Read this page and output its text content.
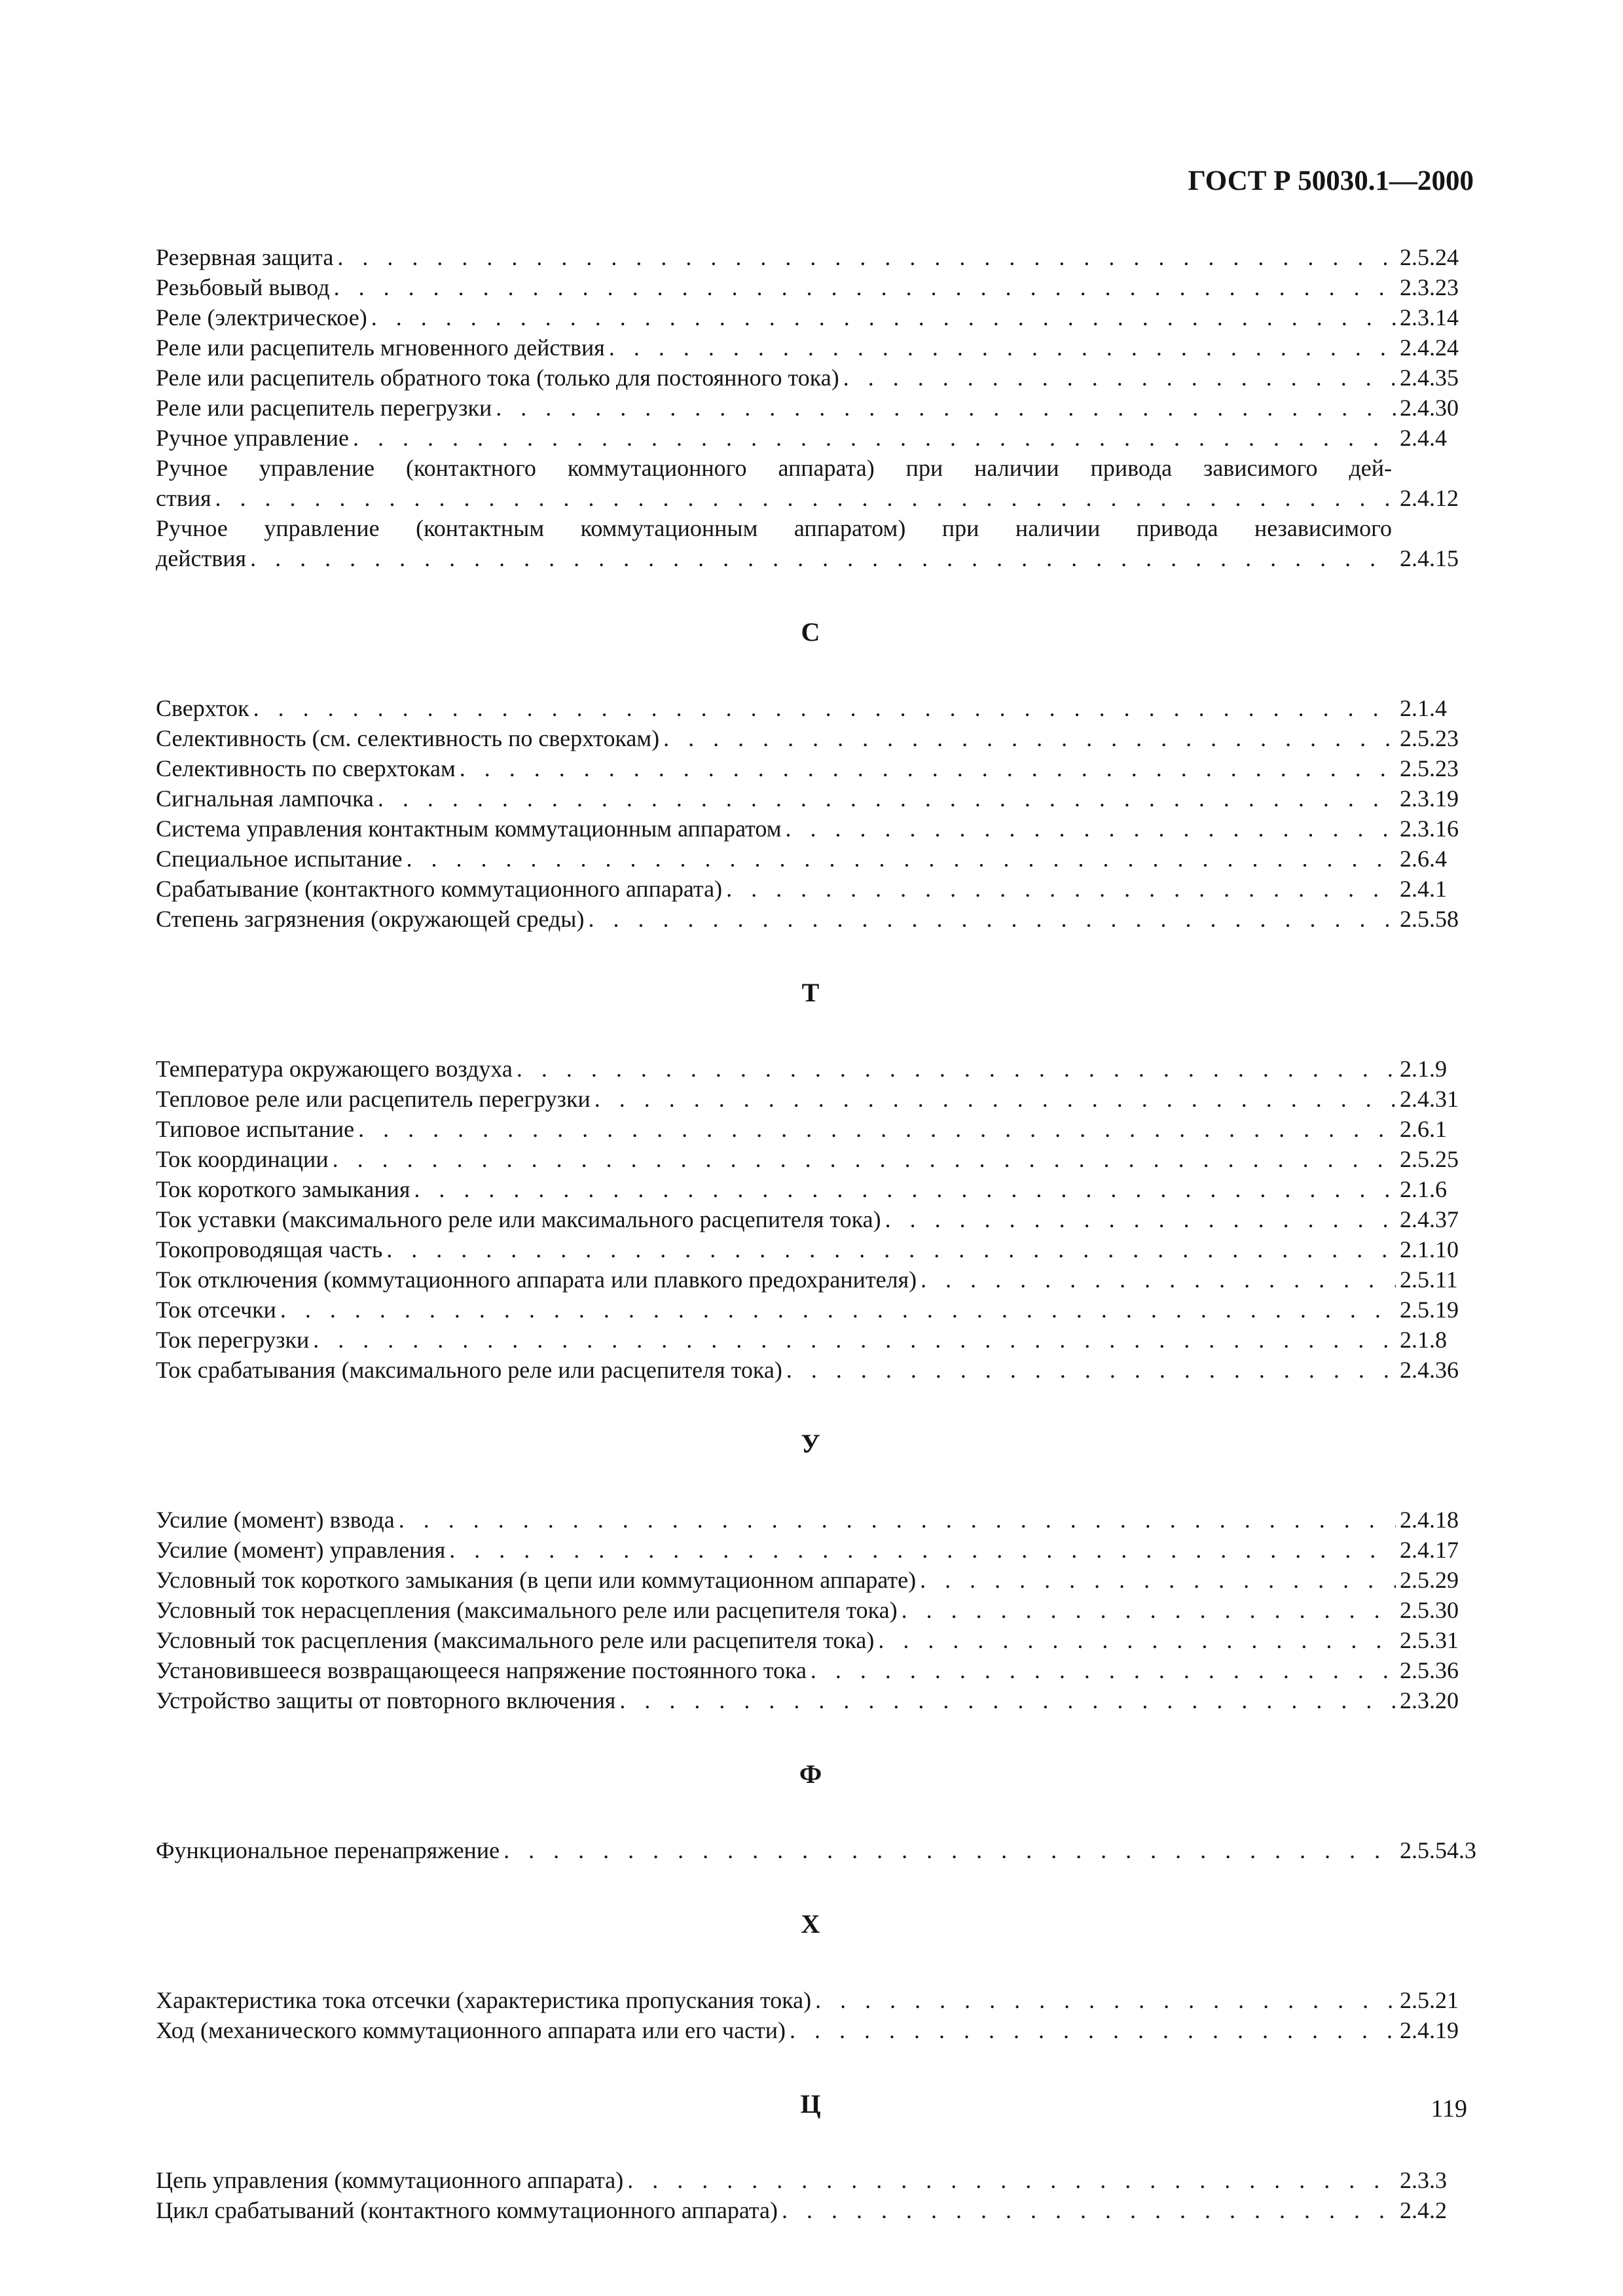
ГОСТ Р 50030.1—2000
Резервная защита . . .	2.5.24
Резьбовый вывод . . .	2.3.23
Реле (электрическое) . . .	2.3.14
Реле или расцепитель мгновенного действия . . .	2.4.24
Реле или расцепитель обратного тока (только для постоянного тока) . . .	2.4.35
Реле или расцепитель перегрузки . . .	2.4.30
Ручное управление . . .	2.4.4
Ручное управление (контактного коммутационного аппарата) при наличии привода зависимого дей-
ствия . . .	2.4.12
Ручное управление (контактным коммутационным аппаратом) при наличии привода независимого
действия . . .	2.4.15
С
Сверхток . . .	2.1.4
Селективность (см. селективность по сверхтокам) . . .	2.5.23
Селективность по сверхтокам . . .	2.5.23
Сигнальная лампочка . . .	2.3.19
Система управления контактным коммутационным аппаратом . . .	2.3.16
Специальное испытание . . .	2.6.4
Срабатывание (контактного коммутационного аппарата) . . .	2.4.1
Степень загрязнения (окружающей среды) . . .	2.5.58
Т
Температура окружающего воздуха . . .	2.1.9
Тепловое реле или расцепитель перегрузки . . .	2.4.31
Типовое испытание . . .	2.6.1
Ток координации . . .	2.5.25
Ток короткого замыкания . . .	2.1.6
Ток уставки (максимального реле или максимального расцепителя тока) . . .	2.4.37
Токопроводящая часть . . .	2.1.10
Ток отключения (коммутационного аппарата или плавкого предохранителя) . . .	2.5.11
Ток отсечки . . .	2.5.19
Ток перегрузки . . .	2.1.8
Ток срабатывания (максимального реле или расцепителя тока) . . .	2.4.36
У
Усилие (момент) взвода . . .	2.4.18
Усилие (момент) управления . . .	2.4.17
Условный ток короткого замыкания (в цепи или коммутационном аппарате) . . .	2.5.29
Условный ток нерасцепления (максимального реле или расцепителя тока) . . .	2.5.30
Условный ток расцепления (максимального реле или расцепителя тока) . . .	2.5.31
Установившееся возвращающееся напряжение постоянного тока . . .	2.5.36
Устройство защиты от повторного включения . . .	2.3.20
Ф
Функциональное перенапряжение . . .	2.5.54.3
Х
Характеристика тока отсечки (характеристика пропускания тока) . . .	2.5.21
Ход (механического коммутационного аппарата или его части) . . .	2.4.19
Ц
Цепь управления (коммутационного аппарата) . . .	2.3.3
Цикл срабатываний (контактного коммутационного аппарата) . . .	2.4.2
119
